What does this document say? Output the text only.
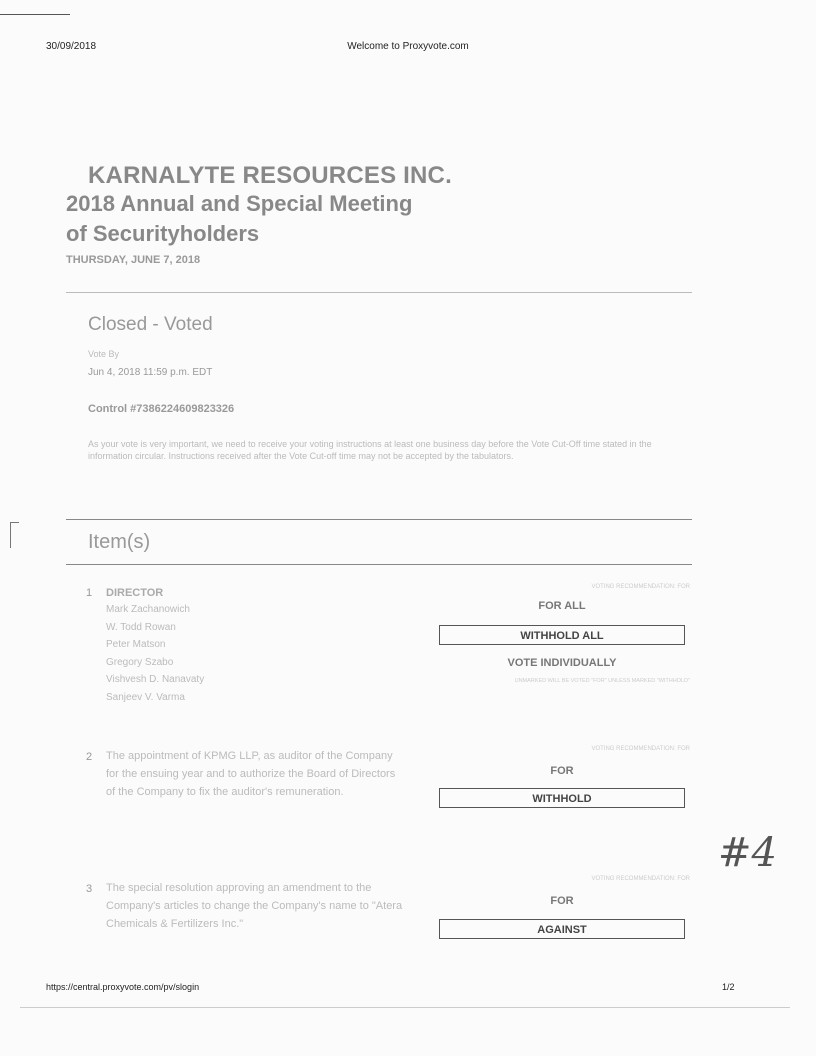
30/09/2018	Welcome to Proxyvote.com
KARNALYTE RESOURCES INC.
2018 Annual and Special Meeting
of Securityholders
THURSDAY, JUNE 7, 2018
Closed - Voted
Vote By
Jun 4, 2018 11:59 p.m. EDT
Control #7386224609823326
As your vote is very important, we need to receive your voting instructions at least one business day before the Vote Cut-Off time stated in the information circular. Instructions received after the Vote Cut-off time may not be accepted by the tabulators.
Item(s)
1 DIRECTOR
Mark Zachanowich
W. Todd Rowan
Peter Matson
Gregory Szabo
Vishvesh D. Nanavaty
Sanjeev V. Varma
VOTING RECOMMENDATION: FOR
FOR ALL
WITHHOLD ALL
VOTE INDIVIDUALLY
UNMARKED WILL BE VOTED "FOR" UNLESS MARKED "WITHHOLD"
2 The appointment of KPMG LLP, as auditor of the Company for the ensuing year and to authorize the Board of Directors of the Company to fix the auditor's remuneration.
VOTING RECOMMENDATION: FOR
FOR
WITHHOLD
#4
3 The special resolution approving an amendment to the Company's articles to change the Company's name to "Atera Chemicals & Fertilizers Inc."
VOTING RECOMMENDATION: FOR
FOR
AGAINST
https://central.proxyvote.com/pv/slogin	1/2
